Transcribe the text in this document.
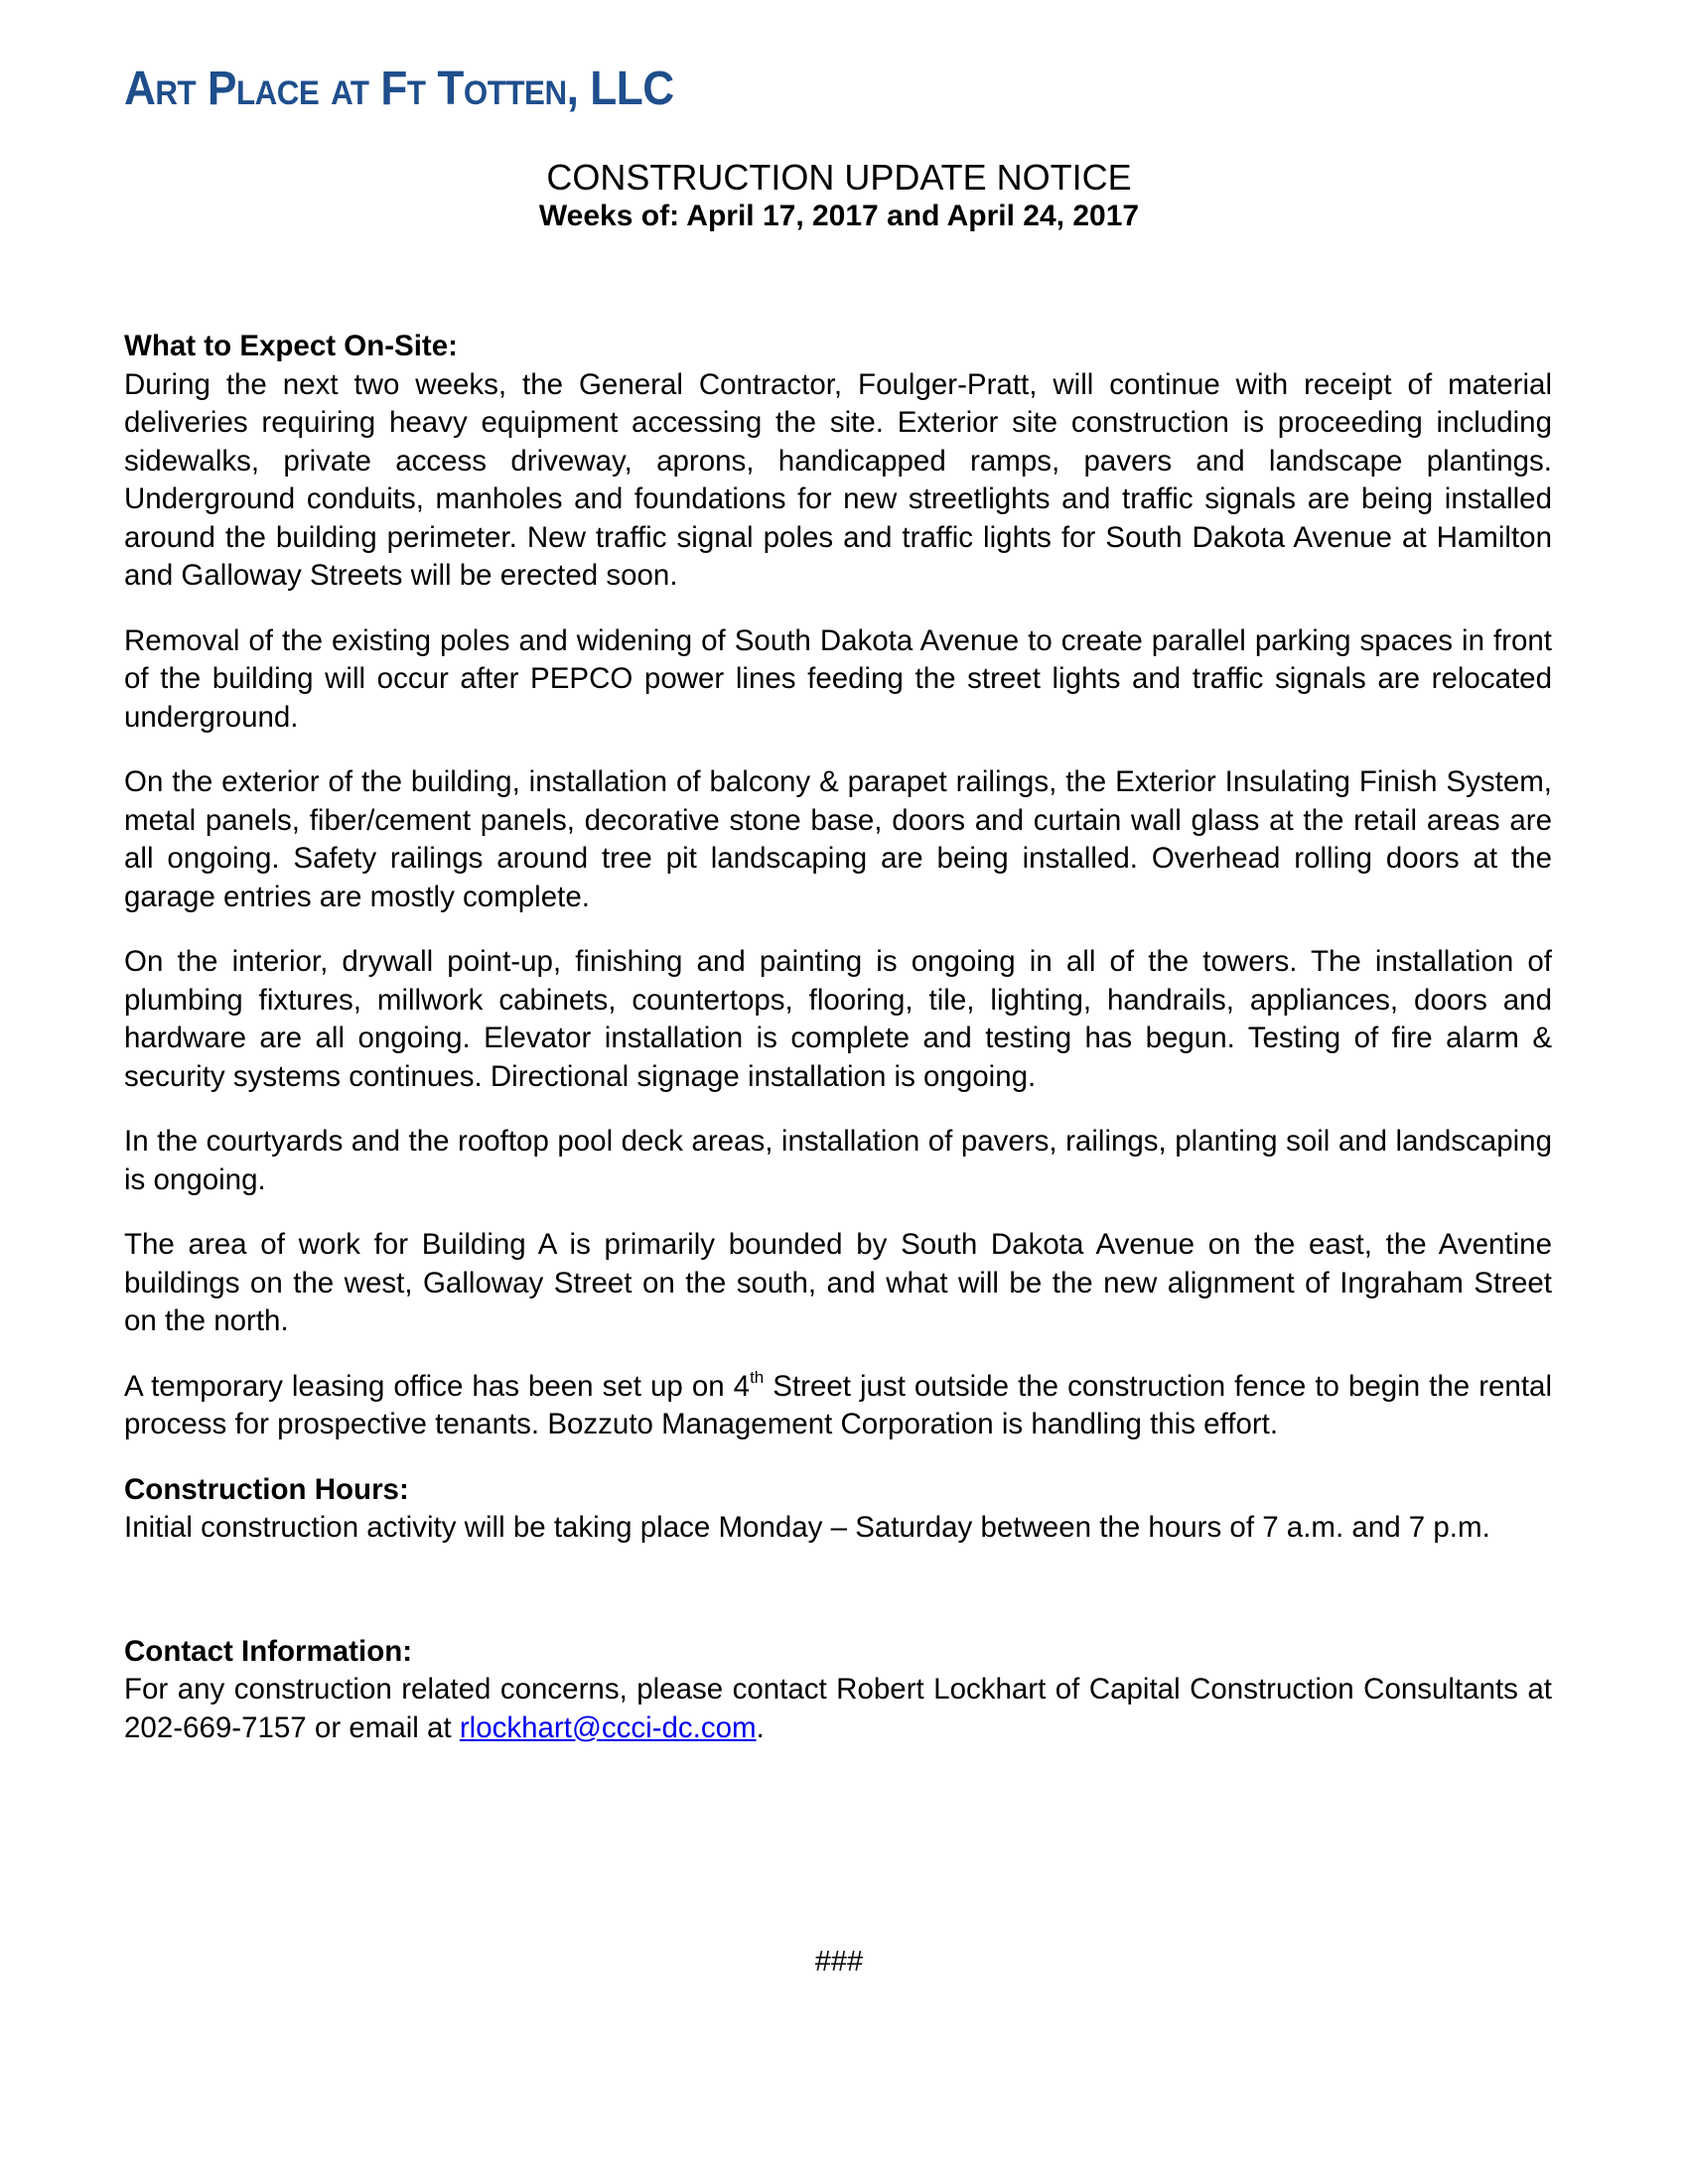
Art Place at Ft Totten, LLC
CONSTRUCTION UPDATE NOTICE
Weeks of: April 17, 2017 and April 24, 2017
What to Expect On-Site:

During the next two weeks, the General Contractor, Foulger-Pratt, will continue with receipt of material deliveries requiring heavy equipment accessing the site. Exterior site construction is proceeding including sidewalks, private access driveway, aprons, handicapped ramps, pavers and landscape plantings. Underground conduits, manholes and foundations for new streetlights and traffic signals are being installed around the building perimeter. New traffic signal poles and traffic lights for South Dakota Avenue at Hamilton and Galloway Streets will be erected soon.

Removal of the existing poles and widening of South Dakota Avenue to create parallel parking spaces in front of the building will occur after PEPCO power lines feeding the street lights and traffic signals are relocated underground.

On the exterior of the building, installation of balcony & parapet railings, the Exterior Insulating Finish System, metal panels, fiber/cement panels, decorative stone base, doors and curtain wall glass at the retail areas are all ongoing. Safety railings around tree pit landscaping are being installed. Overhead rolling doors at the garage entries are mostly complete.

On the interior, drywall point-up, finishing and painting is ongoing in all of the towers. The installation of plumbing fixtures, millwork cabinets, countertops, flooring, tile, lighting, handrails, appliances, doors and hardware are all ongoing. Elevator installation is complete and testing has begun. Testing of fire alarm & security systems continues. Directional signage installation is ongoing.

In the courtyards and the rooftop pool deck areas, installation of pavers, railings, planting soil and landscaping is ongoing.

The area of work for Building A is primarily bounded by South Dakota Avenue on the east, the Aventine buildings on the west, Galloway Street on the south, and what will be the new alignment of Ingraham Street on the north.

A temporary leasing office has been set up on 4th Street just outside the construction fence to begin the rental process for prospective tenants. Bozzuto Management Corporation is handling this effort.

Construction Hours:

Initial construction activity will be taking place Monday – Saturday between the hours of 7 a.m. and 7 p.m.

Contact Information:

For any construction related concerns, please contact Robert Lockhart of Capital Construction Consultants at 202-669-7157 or email at rlockhart@ccci-dc.com.

###
